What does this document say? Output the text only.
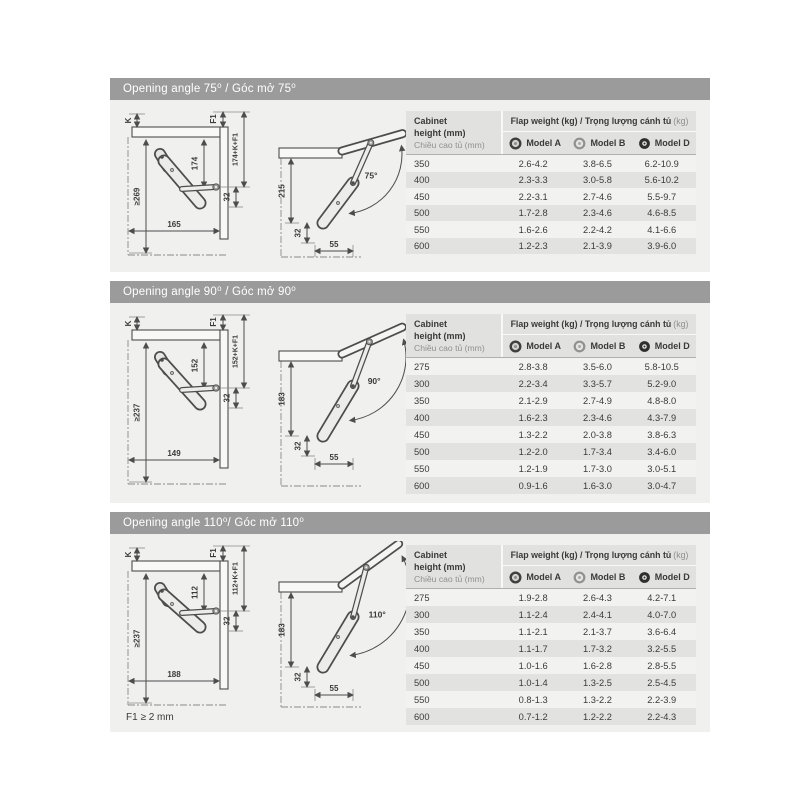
Opening angle 75⁰ / Góc mở 75⁰
K	F1
174+K+F1
≥269
174
32
165
215
32
55
75°
Cabinet
height (mm)
Chiều cao tủ (mm)
Flap weight (kg) / Trọng lượng cánh tủ (kg)
Model A	Model B	Model D
350	2.6-4.2	3.8-6.5	6.2-10.9
400	2.3-3.3	3.0-5.8	5.6-10.2
450	2.2-3.1	2.7-4.6	5.5-9.7
500	1.7-2.8	2.3-4.6	4.6-8.5
550	1.6-2.6	2.2-4.2	4.1-6.6
600	1.2-2.3	2.1-3.9	3.9-6.0
Opening angle 90⁰ / Góc mở 90⁰
K	F1
152+K+F1
≥237
152
32
149
183
32
55
90°
Cabinet
height (mm)
Chiều cao tủ (mm)
Flap weight (kg) / Trọng lượng cánh tủ (kg)
Model A	Model B	Model D
275	2.8-3.8	3.5-6.0	5.8-10.5
300	2.2-3.4	3.3-5.7	5.2-9.0
350	2.1-2.9	2.7-4.9	4.8-8.0
400	1.6-2.3	2.3-4.6	4.3-7.9
450	1.3-2.2	2.0-3.8	3.8-6.3
500	1.2-2.0	1.7-3.4	3.4-6.0
550	1.2-1.9	1.7-3.0	3.0-5.1
600	0.9-1.6	1.6-3.0	3.0-4.7
Opening angle 110⁰/ Góc mở 110⁰
K	F1
112+K+F1
≥237
112
32
188
183
32
55
110°
F1 ≥ 2 mm
Cabinet
height (mm)
Chiều cao tủ (mm)
Flap weight (kg) / Trọng lượng cánh tủ (kg)
Model A	Model B	Model D
275	1.9-2.8	2.6-4.3	4.2-7.1
300	1.1-2.4	2.4-4.1	4.0-7.0
350	1.1-2.1	2.1-3.7	3.6-6.4
400	1.1-1.7	1.7-3.2	3.2-5.5
450	1.0-1.6	1.6-2.8	2.8-5.5
500	1.0-1.4	1.3-2.5	2.5-4.5
550	0.8-1.3	1.3-2.2	2.2-3.9
600	0.7-1.2	1.2-2.2	2.2-4.3
